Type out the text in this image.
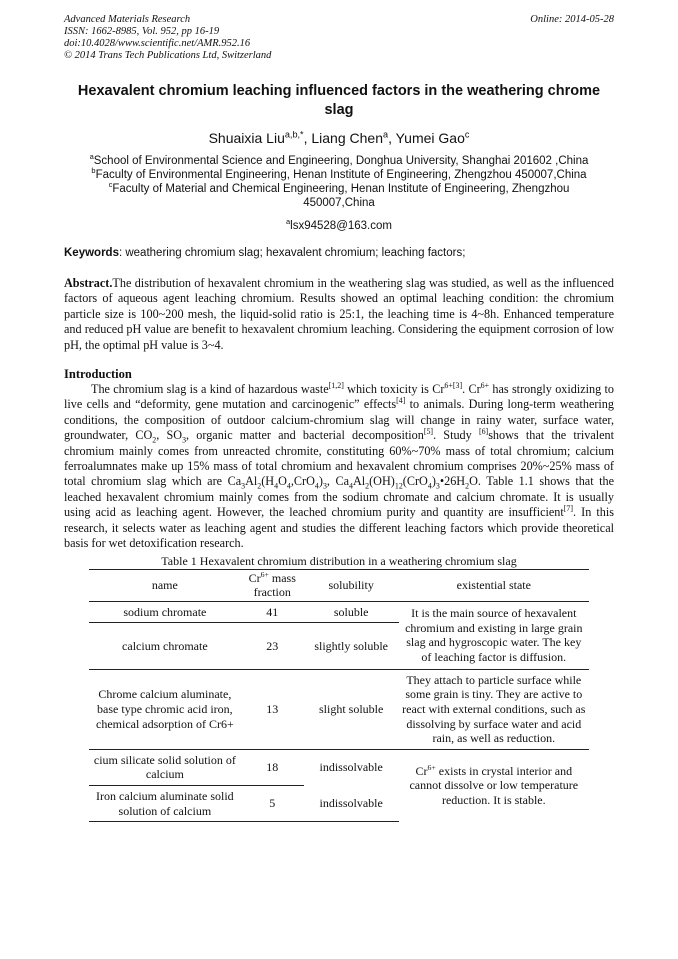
Advanced Materials Research
ISSN: 1662-8985, Vol. 952, pp 16-19
doi:10.4028/www.scientific.net/AMR.952.16
© 2014 Trans Tech Publications Ltd, Switzerland
Online: 2014-05-28
Hexavalent chromium leaching influenced factors in the weathering chrome slag
Shuaixia Liu$^{a,b,*}$, Liang Chen$^a$, Yumei Gao$^c$
$^a$School of Environmental Science and Engineering, Donghua University, Shanghai 201602 ,China
$^b$Faculty of Environmental Engineering, Henan Institute of Engineering, Zhengzhou 450007,China
$^c$Faculty of Material and Chemical Engineering, Henan Institute of Engineering, Zhengzhou 450007,China
$^a$lsx94528@163.com
Keywords: weathering chromium slag; hexavalent chromium; leaching factors;

Abstract.The distribution of hexavalent chromium in the weathering slag was studied, as well as the influenced factors of aqueous agent leaching chromium. Results showed an optimal leaching condition: the chromium particle size is 100~200 mesh, the liquid-solid ratio is 25:1, the leaching time is 4~8h. Enhanced temperature and reduced pH value are benefit to hexavalent chromium leaching. Considering the equipment corrosion of low pH, the optimal pH value is 3~4.

Introduction

The chromium slag is a kind of hazardous waste[1,2] which toxicity is $Cr^{6+[3]}$. $Cr^{6+}$ has strongly oxidizing to live cells and “deformity, gene mutation and carcinogenic” effects[4] to animals. During long-term weathering conditions, the composition of outdoor calcium-chromium slag will change in rainy water, surface water, groundwater, $CO_2$, $SO_3$, organic matter and bacterial decomposition[5]. Study [6]shows that the trivalent chromium mainly comes from unreacted chromite, constituting 60%~70% mass of total chromium; calcium ferroalumnates make up 15% mass of total chromium and hexavalent chromium comprises 20%~25% mass of total chromium slag which are $Ca_3Al_2(H_4O_4,CrO_4)_3$, $Ca_4Al_2(OH)_{12}(CrO_4)_3•26H_2O$. Table 1.1 shows that the leached hexavalent chromium mainly comes from the sodium chromate and calcium chromate. It is usually using acid as leaching agent. However, the leached chromium purity and quantity are insufficient[7]. In this research, it selects water as leaching agent and studies the different leaching factors which provide theoretical basis for wet detoxification research.

Table 1 Hexavalent chromium distribution in a weathering chromium slag
name	$Cr^{6+}$ mass fraction	solubility	existential state
sodium chromate	41	soluble	It is the main source of hexavalent chromium and existing in large grain slag and hygroscopic water. The key of leaching factor is diffusion.
calcium chromate	23	slightly soluble	
Chrome calcium aluminate, base type chromic acid iron, chemical adsorption of Cr6+	13	slight soluble	They attach to particle surface while some grain is tiny. They are active to react with external conditions, such as dissolving by surface water and acid rain, as well as reduction.
cium silicate solid solution of calcium	18	indissolvable	$Cr^{6+}$ exists in crystal interior and cannot dissolve or low temperature reduction. It is stable.
Iron calcium aluminate solid solution of calcium	5	indissolvable	
